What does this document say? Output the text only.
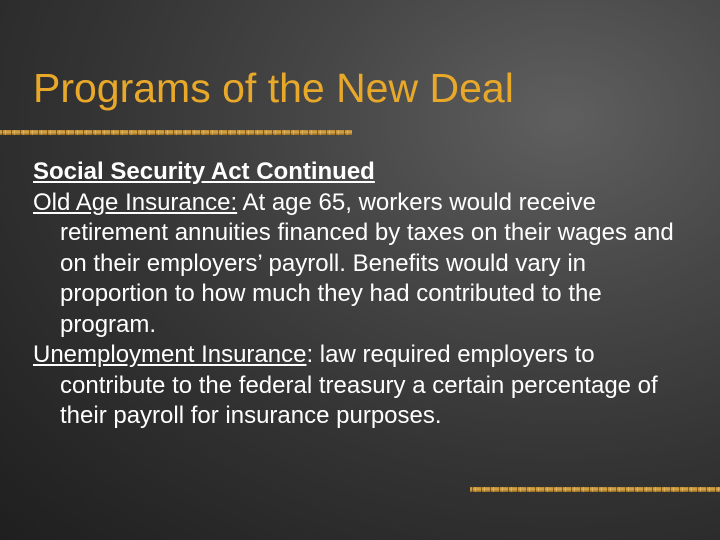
Programs of the New Deal

Social Security Act Continued

Old Age Insurance: At age 65, workers would receive retirement annuities financed by taxes on their wages and on their employers’ payroll. Benefits would vary in proportion to how much they had contributed to the program.

Unemployment Insurance: law required employers to contribute to the federal treasury a certain percentage of their payroll for insurance purposes.
